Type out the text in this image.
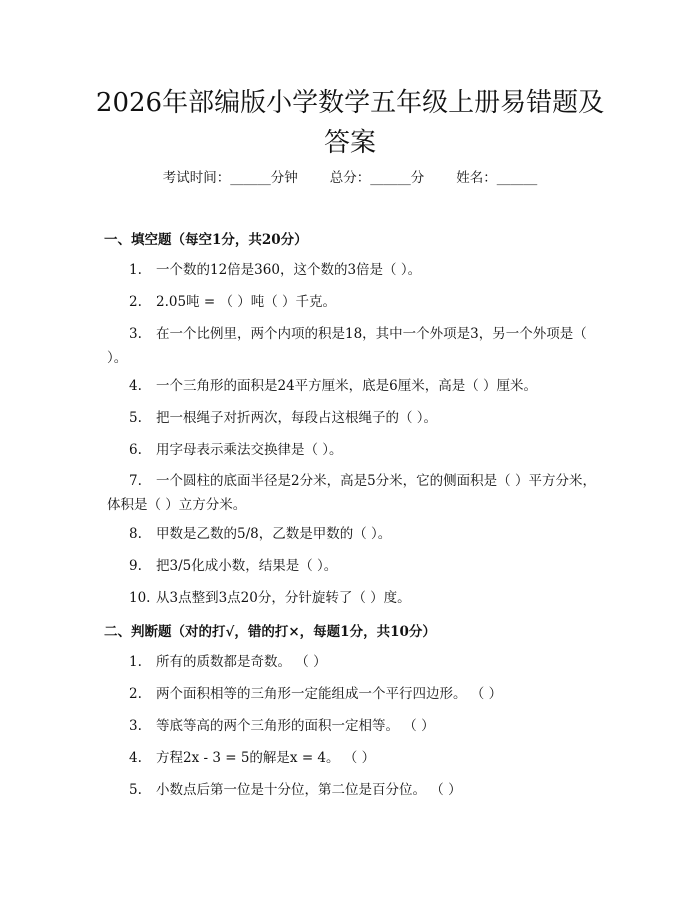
2026年部编版小学数学五年级上册易错题及答案
考试时间：______分钟 总分：______分 姓名：______
一、填空题（每空1分，共20分）
1. 一个数的12倍是360，这个数的3倍是（ ）。
2. 2.05吨 = （ ）吨（ ）千克。
3. 在一个比例里，两个内项的积是18，其中一个外项是3，另一个外项是（ ）。
4. 一个三角形的面积是24平方厘米，底是6厘米，高是（ ）厘米。
5. 把一根绳子对折两次，每段占这根绳子的（ ）。
6. 用字母表示乘法交换律是（ ）。
7. 一个圆柱的底面半径是2分米，高是5分米，它的侧面积是（ ）平方分米，体积是（ ）立方分米。
8. 甲数是乙数的5/8，乙数是甲数的（ ）。
9. 把3/5化成小数，结果是（ ）。
10. 从3点整到3点20分，分针旋转了（ ）度。
二、判断题（对的打√，错的打×，每题1分，共10分）
1. 所有的质数都是奇数。 （ ）
2. 两个面积相等的三角形一定能组成一个平行四边形。 （ ）
3. 等底等高的两个三角形的面积一定相等。 （ ）
4. 方程2x - 3 = 5的解是x = 4。 （ ）
5. 小数点后第一位是十分位，第二位是百分位。 （ ）
